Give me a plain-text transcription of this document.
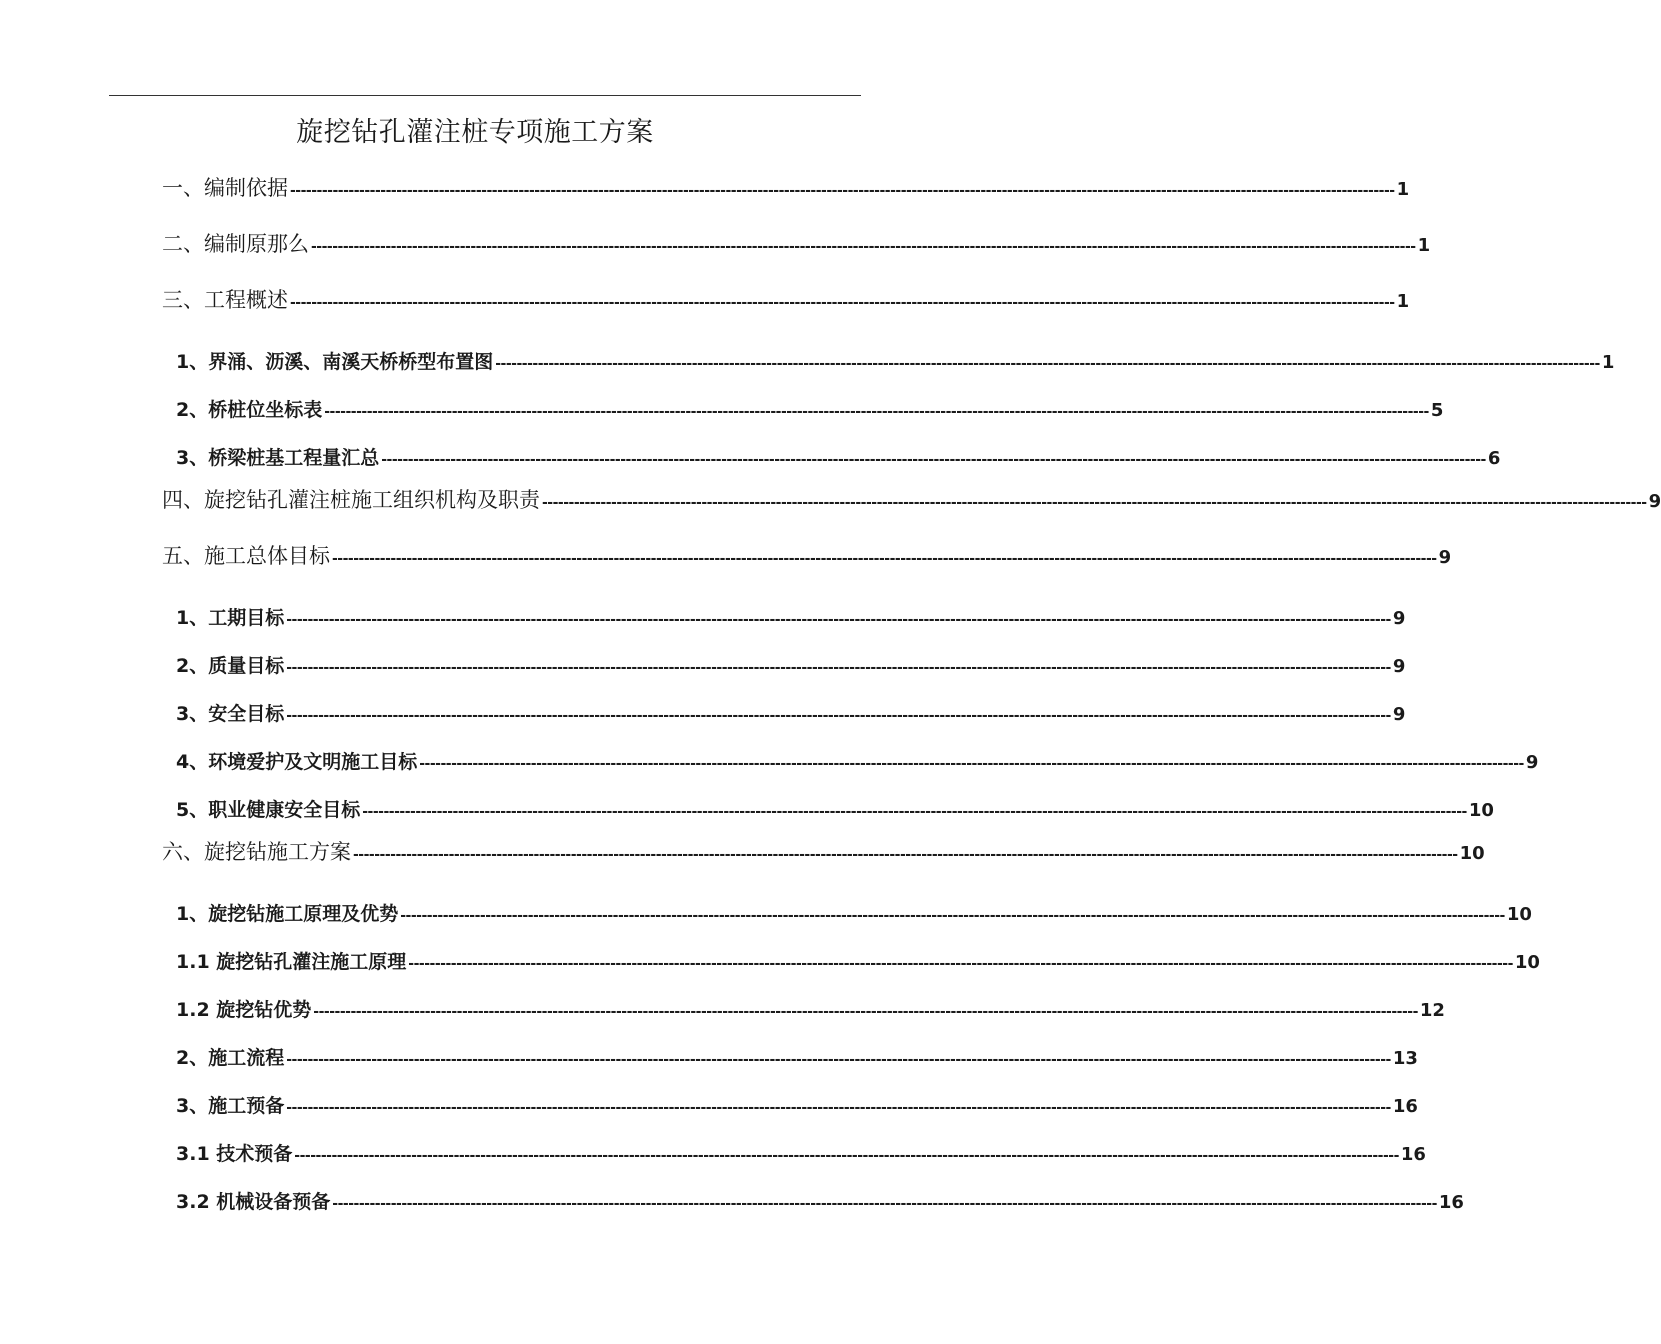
旋挖钻孔灌注桩专项施工方案
一、编制依据 ---------------------------------------------------------------------------------------------------------------------------------------------------------------------------------------------------------------- 1
二、编制原那么 ---------------------------------------------------------------------------------------------------------------------------------------------------------------------------------------------------------------- 1
三、工程概述 ---------------------------------------------------------------------------------------------------------------------------------------------------------------------------------------------------------------- 1
1、界涌、沥溪、南溪天桥桥型布置图 ---------------------------------------------------------------------------------------------------------------------------------------------------------------------------------------------------------------- 1
2、桥桩位坐标表 ---------------------------------------------------------------------------------------------------------------------------------------------------------------------------------------------------------------- 5
3、桥梁桩基工程量汇总 ---------------------------------------------------------------------------------------------------------------------------------------------------------------------------------------------------------------- 6
四、旋挖钻孔灌注桩施工组织机构及职责 ---------------------------------------------------------------------------------------------------------------------------------------------------------------------------------------------------------------- 9
五、施工总体目标 ---------------------------------------------------------------------------------------------------------------------------------------------------------------------------------------------------------------- 9
1、工期目标 ---------------------------------------------------------------------------------------------------------------------------------------------------------------------------------------------------------------- 9
2、质量目标 ---------------------------------------------------------------------------------------------------------------------------------------------------------------------------------------------------------------- 9
3、安全目标 ---------------------------------------------------------------------------------------------------------------------------------------------------------------------------------------------------------------- 9
4、环境爱护及文明施工目标 ---------------------------------------------------------------------------------------------------------------------------------------------------------------------------------------------------------------- 9
5、职业健康安全目标 ---------------------------------------------------------------------------------------------------------------------------------------------------------------------------------------------------------------- 10
六、旋挖钻施工方案 ---------------------------------------------------------------------------------------------------------------------------------------------------------------------------------------------------------------- 10
1、旋挖钻施工原理及优势 ---------------------------------------------------------------------------------------------------------------------------------------------------------------------------------------------------------------- 10
1.1 旋挖钻孔灌注施工原理 ---------------------------------------------------------------------------------------------------------------------------------------------------------------------------------------------------------------- 10
1.2 旋挖钻优势 ---------------------------------------------------------------------------------------------------------------------------------------------------------------------------------------------------------------- 12
2、施工流程 ---------------------------------------------------------------------------------------------------------------------------------------------------------------------------------------------------------------- 13
3、施工预备 ---------------------------------------------------------------------------------------------------------------------------------------------------------------------------------------------------------------- 16
3.1 技术预备 ---------------------------------------------------------------------------------------------------------------------------------------------------------------------------------------------------------------- 16
3.2 机械设备预备 ---------------------------------------------------------------------------------------------------------------------------------------------------------------------------------------------------------------- 16
